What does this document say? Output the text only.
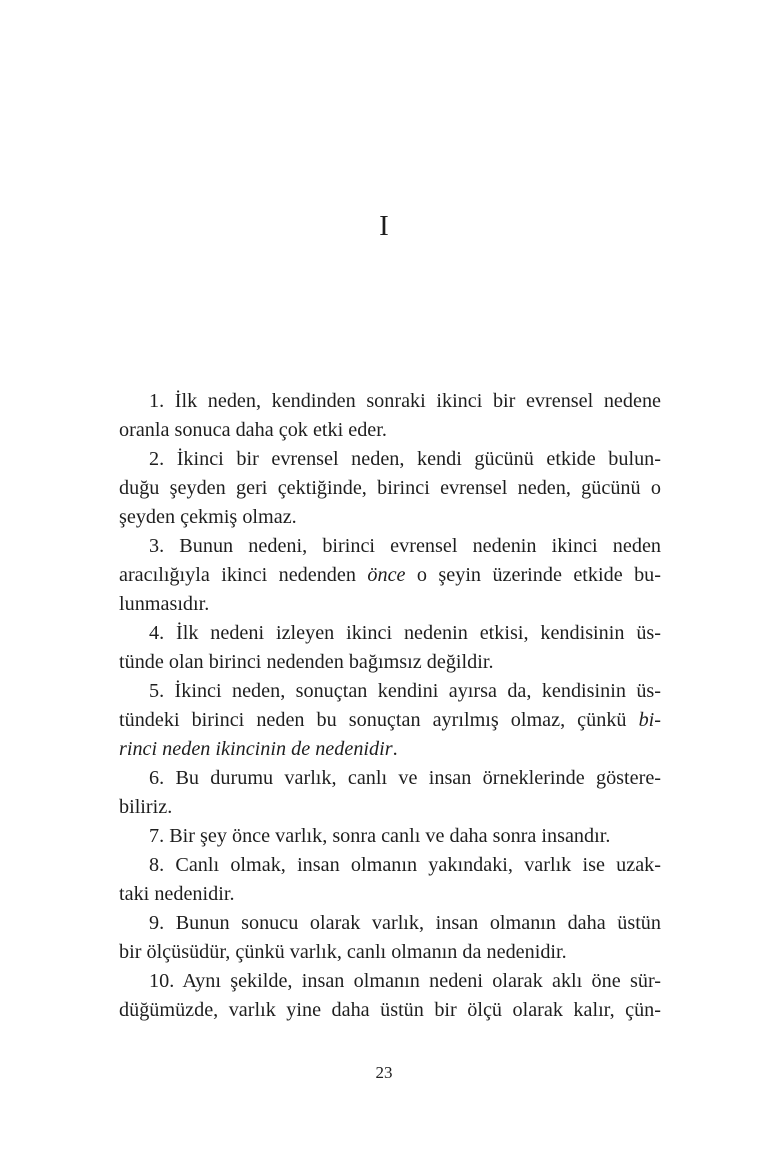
I
1. İlk neden, kendinden sonraki ikinci bir evrensel nedene
oranla sonuca daha çok etki eder.
2. İkinci bir evrensel neden, kendi gücünü etkide bulun-
duğu şeyden geri çektiğinde, birinci evrensel neden, gücünü o
şeyden çekmiş olmaz.
3. Bunun nedeni, birinci evrensel nedenin ikinci neden
aracılığıyla ikinci nedenden önce o şeyin üzerinde etkide bu-
lunmasıdır.
4. İlk nedeni izleyen ikinci nedenin etkisi, kendisinin üs-
tünde olan birinci nedenden bağımsız değildir.
5. İkinci neden, sonuçtan kendini ayırsa da, kendisinin üs-
tündeki birinci neden bu sonuçtan ayrılmış olmaz, çünkü bi-
rinci neden ikincinin de nedenidir.
6. Bu durumu varlık, canlı ve insan örneklerinde göstere-
biliriz.
7. Bir şey önce varlık, sonra canlı ve daha sonra insandır.
8. Canlı olmak, insan olmanın yakındaki, varlık ise uzak-
taki nedenidir.
9. Bunun sonucu olarak varlık, insan olmanın daha üstün
bir ölçüsüdür, çünkü varlık, canlı olmanın da nedenidir.
10. Aynı şekilde, insan olmanın nedeni olarak aklı öne sür-
düğümüzde, varlık yine daha üstün bir ölçü olarak kalır, çün-
23
